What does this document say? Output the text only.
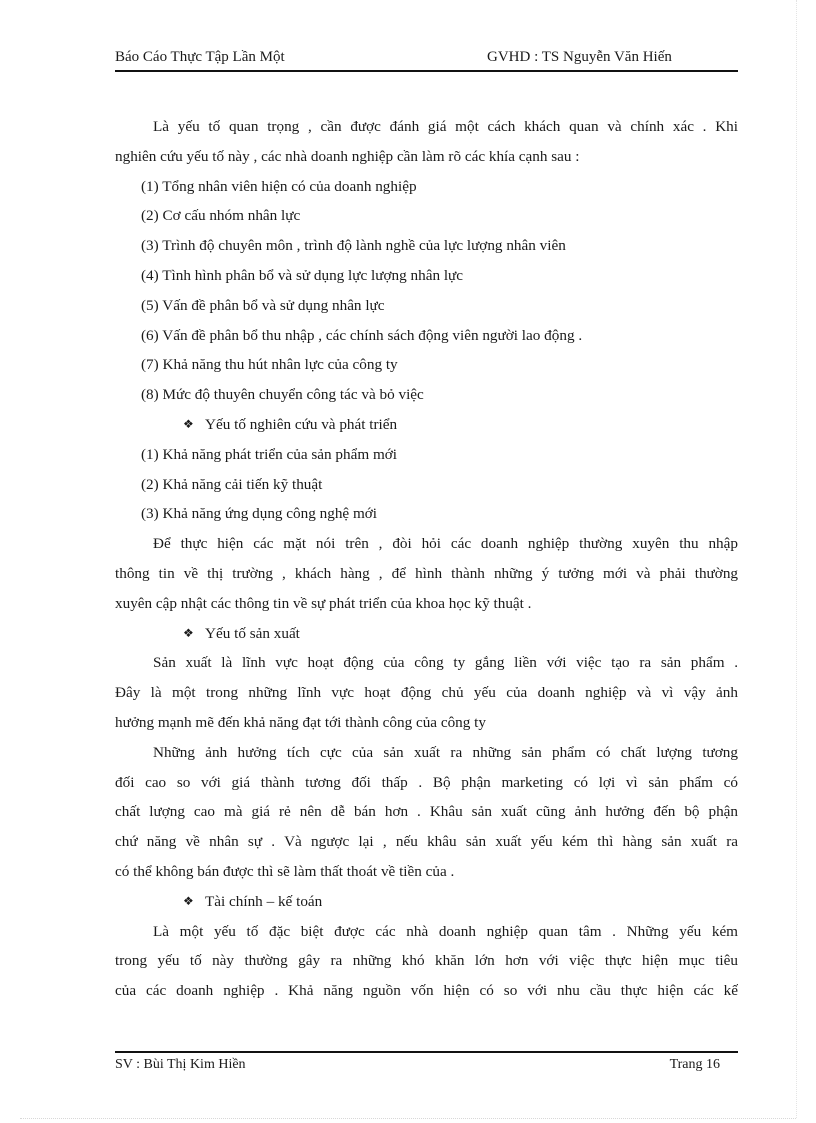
Báo Cáo Thực Tập Lần Một	GVHD : TS Nguyễn Văn Hiến
Là yếu tố quan trọng , cần được đánh giá một cách khách quan và chính xác . Khi
nghiên cứu yếu tố này , các nhà doanh nghiệp cần làm rõ các khía cạnh sau :
(1) Tổng nhân viên hiện có của doanh nghiệp
(2) Cơ cấu nhóm nhân lực
(3) Trình độ chuyên môn , trình độ lành nghề của lực lượng nhân viên
(4) Tình hình phân bổ và sử dụng lực lượng nhân lực
(5) Vấn đề phân bổ và sử dụng nhân lực
(6) Vấn đề phân bổ thu nhập , các chính sách động viên người lao động .
(7) Khả năng thu hút nhân lực của công ty
(8) Mức độ thuyên chuyển công tác và bỏ việc
❖ Yếu tố nghiên cứu và phát triển
(1) Khả năng phát triển của sản phẩm mới
(2) Khả năng cải tiến kỹ thuật
(3) Khả năng ứng dụng công nghệ mới
Để thực hiện các mặt nói trên , đòi hỏi các doanh nghiệp thường xuyên thu nhập
thông tin về thị trường , khách hàng , để hình thành những ý tưởng mới và phải thường
xuyên cập nhật các thông tin về sự phát triển của khoa học kỹ thuật .
❖ Yếu tố sản xuất
Sản xuất là lĩnh vực hoạt động của công ty gắng liền với việc tạo ra sản phẩm .
Đây là một trong những lĩnh vực hoạt động chủ yếu của doanh nghiệp và vì vậy ảnh
hưởng mạnh mẽ đến khả năng đạt tới thành công của công ty
Những ảnh hưởng tích cực của sản xuất ra những sản phẩm có chất lượng tương
đối cao so với giá thành tương đối thấp . Bộ phận marketing có lợi vì sản phẩm có
chất lượng cao mà giá rẻ nên dễ bán hơn . Khâu sản xuất cũng ảnh hưởng đến bộ phận
chứ năng về nhân sự . Và ngược lại , nếu khâu sản xuất yếu kém thì hàng sản xuất ra
có thể không bán được thì sẽ làm thất thoát về tiền của .
❖ Tài chính – kế toán
Là một yếu tố đặc biệt được các nhà doanh nghiệp quan tâm . Những yếu kém
trong yếu tố này thường gây ra những khó khăn lớn hơn với việc thực hiện mục tiêu
của các doanh nghiệp . Khả năng nguồn vốn hiện có so với nhu cầu thực hiện các kế
SV : Bùi Thị Kim Hiền	Trang 16
